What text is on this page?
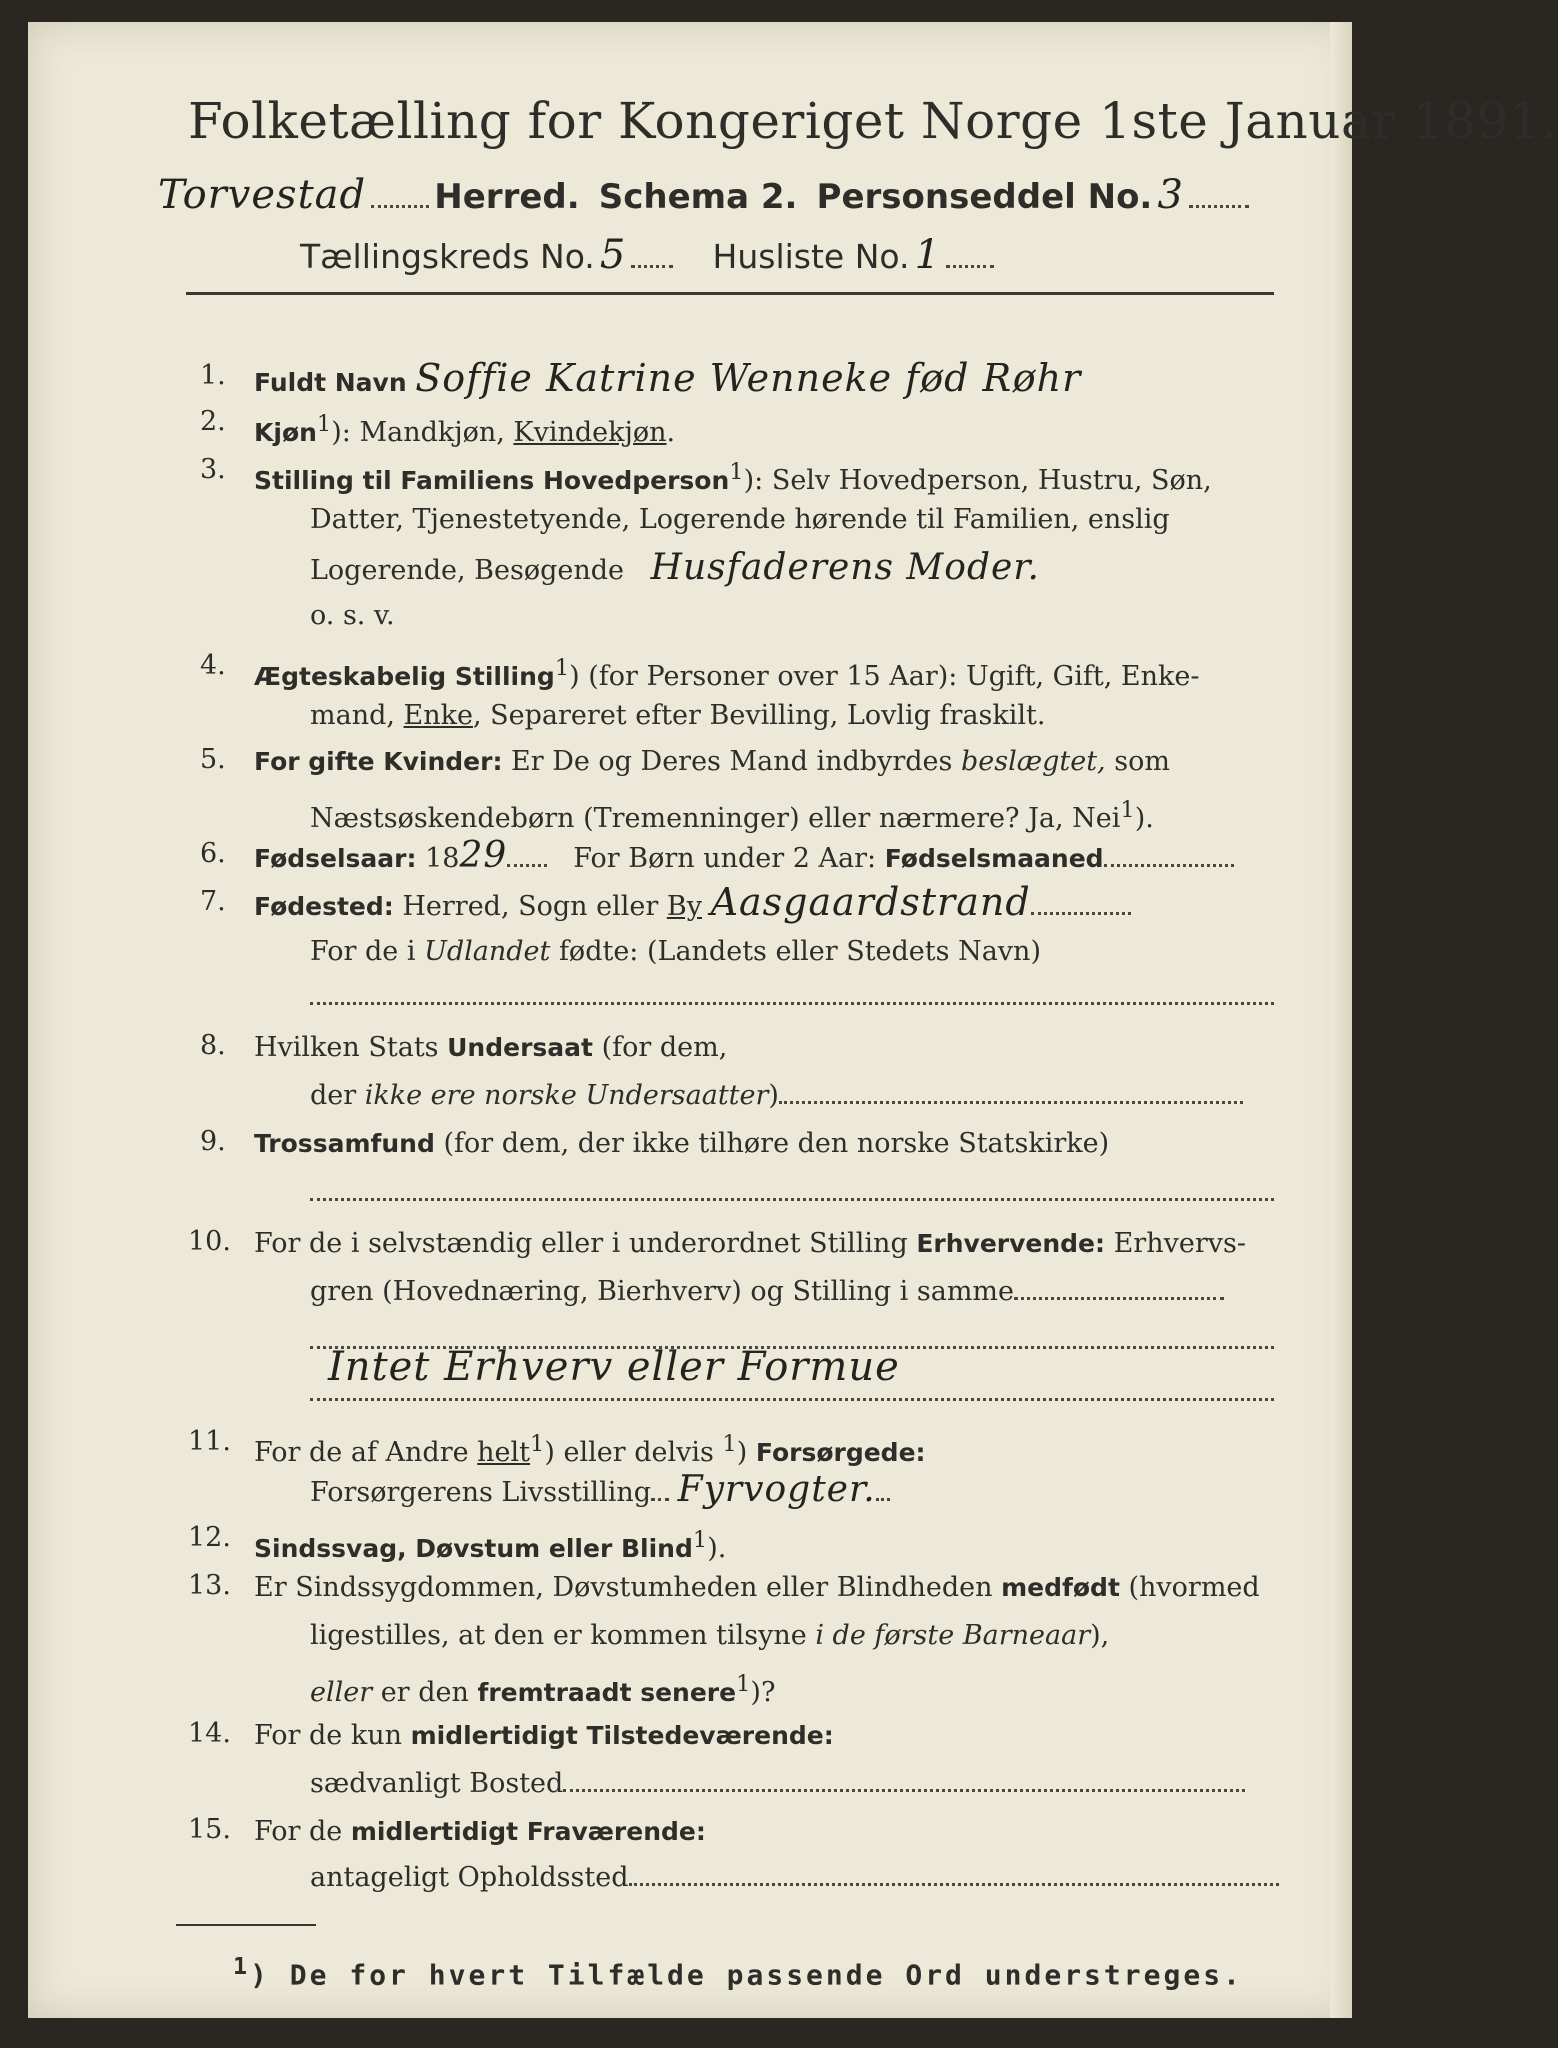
Folketælling for Kongeriget Norge 1ste Januar 1891.
Torvestad Herred. Schema 2. Personseddel No. 3
Tællingskreds No. 5	Husliste No. 1
1. Fuldt Navn Soffie Katrine Wenneke fød Røhr
2. Kjøn$^1$): Mandkjøn, Kvindekjøn.
3. Stilling til Familiens Hovedperson$^1$): Selv Hovedperson, Hustru, Søn,
Datter, Tjenestetyende, Logerende hørende til Familien, enslig
Logerende, Besøgende Husfaderens Moder.
o. s. v.
4. Ægteskabelig Stilling$^1$) (for Personer over 15 Aar): Ugift, Gift, Enke-
mand, Enke, Separeret efter Bevilling, Lovlig fraskilt.
5. For gifte Kvinder: Er De og Deres Mand indbyrdes beslægtet, som
Næstsøskendebørn (Tremenninger) eller nærmere? Ja, Nei$^1$).
6. Fødselsaar: 1829 For Børn under 2 Aar: Fødselsmaaned
7. Fødested: Herred, Sogn eller By Aasgaardstrand
For de i Udlandet fødte: (Landets eller Stedets Navn)
8. Hvilken Stats Undersaat (for dem,
der ikke ere norske Undersaatter)
9. Trossamfund (for dem, der ikke tilhøre den norske Statskirke)
10. For de i selvstændig eller i underordnet Stilling Erhvervende: Erhvervs-
gren (Hovednæring, Bierhverv) og Stilling i samme
Intet Erhverv eller Formue
11. For de af Andre helt$^1$) eller delvis $^1$) Forsørgede:
Forsørgerens Livsstilling Fyrvogter.
12. Sindssvag, Døvstum eller Blind$^1$).
13. Er Sindssygdommen, Døvstumheden eller Blindheden medfødt (hvormed
ligestilles, at den er kommen tilsyne i de første Barneaar),
eller er den fremtraadt senere$^1$)?
14. For de kun midlertidigt Tilstedeværende:
sædvanligt Bosted
15. For de midlertidigt Fraværende:
antageligt Opholdssted
$^1$) De for hvert Tilfælde passende Ord understreges.
